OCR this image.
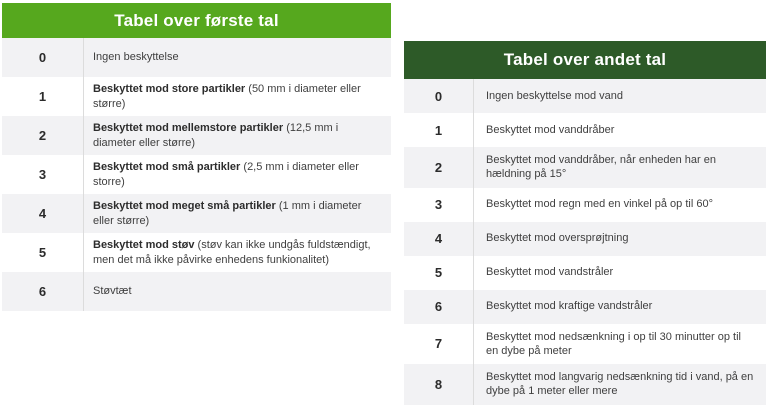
Tabel over første tal
0	Ingen beskyttelse
1	Beskyttet mod store partikler (50 mm i diameter eller større)
2	Beskyttet mod mellemstore partikler (12,5 mm i diameter eller større)
3	Beskyttet mod små partikler (2,5 mm i diameter eller storre)
4	Beskyttet mod meget små partikler (1 mm i diameter eller større)
5	Beskyttet mod støv (støv kan ikke undgås fuldstændigt, men det må ikke påvirke enhedens funkionalitet)
6	Støvtæt
Tabel over andet tal
0	Ingen beskyttelse mod vand
1	Beskyttet mod vanddråber
2	Beskyttet mod vanddråber, når enheden har en hældning på 15°
3	Beskyttet mod regn med en vinkel på op til 60°
4	Beskyttet mod oversprøjtning
5	Beskyttet mod vandstråler
6	Beskyttet mod kraftige vandstråler
7	Beskyttet mod nedsænkning i op til 30 minutter op til en dybe på meter
8	Beskyttet mod langvarig nedsænkning tid i vand, på en dybe på 1 meter eller mere
